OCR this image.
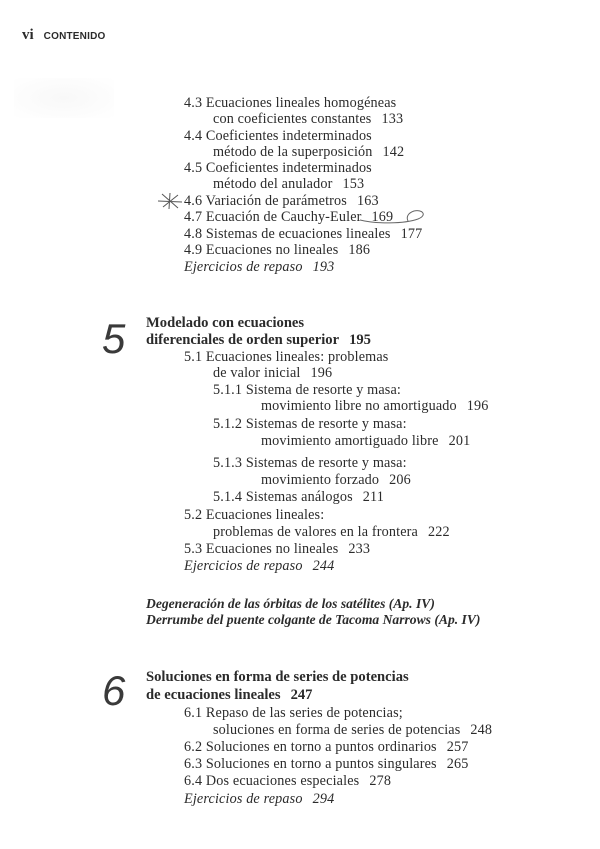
vi CONTENIDO
4.3 Ecuaciones lineales homogéneas
con coeficientes constantes 133
4.4 Coeficientes indeterminados
método de la superposición 142
4.5 Coeficientes indeterminados
método del anulador 153
4.6 Variación de parámetros 163
4.7 Ecuación de Cauchy-Euler 169
4.8 Sistemas de ecuaciones lineales 177
4.9 Ecuaciones no lineales 186
Ejercicios de repaso 193
5 Modelado con ecuaciones
diferenciales de orden superior 195
5.1 Ecuaciones lineales: problemas
de valor inicial 196
5.1.1 Sistema de resorte y masa:
movimiento libre no amortiguado 196
5.1.2 Sistemas de resorte y masa:
movimiento amortiguado libre 201
5.1.3 Sistemas de resorte y masa:
movimiento forzado 206
5.1.4 Sistemas análogos 211
5.2 Ecuaciones lineales:
problemas de valores en la frontera 222
5.3 Ecuaciones no lineales 233
Ejercicios de repaso 244
Degeneración de las órbitas de los satélites (Ap. IV)
Derrumbe del puente colgante de Tacoma Narrows (Ap. IV)
6 Soluciones en forma de series de potencias
de ecuaciones lineales 247
6.1 Repaso de las series de potencias;
soluciones en forma de series de potencias 248
6.2 Soluciones en torno a puntos ordinarios 257
6.3 Soluciones en torno a puntos singulares 265
6.4 Dos ecuaciones especiales 278
Ejercicios de repaso 294
